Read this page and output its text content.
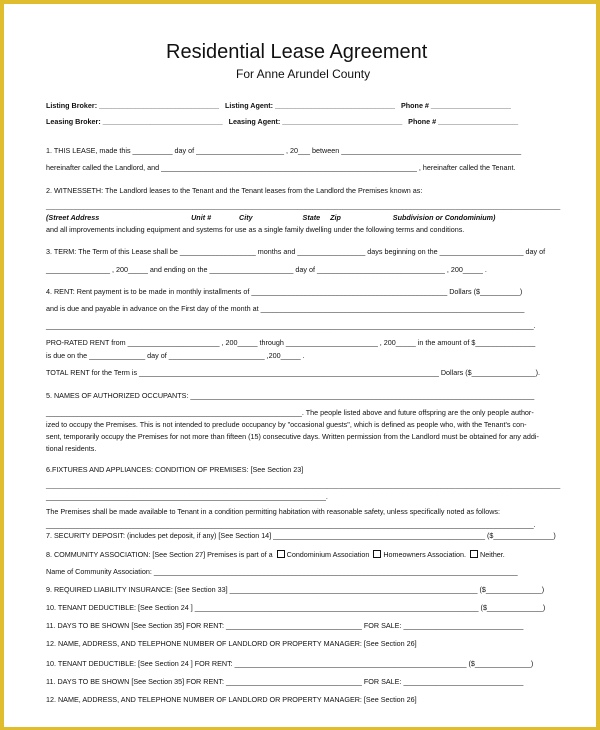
Residential Lease Agreement
For Anne Arundel County
Listing Broker: ______________________________   Listing Agent: ______________________________   Phone # ____________________
Leasing Broker: ______________________________   Leasing Agent: ______________________________   Phone # ____________________
1. THIS LEASE, made this __________ day of ______________________ , 20___ between _____________________________________________
hereinafter called the Landlord, and ________________________________________________________________ , hereinafter called the Tenant.
2. WITNESSETH: The Landlord leases to the Tenant and the Tenant leases from the Landlord the Premises known as:
_________________________________________________________________________________________________________________________________________
(Street Address                                              Unit #              City                         State     Zip                          Subdivision or Condominium)
and all improvements including equipment and systems for use as a single family dwelling under the following terms and conditions.
3. TERM: The Term of this Lease shall be ___________________ months and _________________ days beginning on the _____________________ day of
________________ , 200_____ and ending on the _____________________ day of ________________________________ , 200_____ .
4. RENT: Rent payment is to be made in monthly installments of _________________________________________________ Dollars ($__________)
and is due and payable in advance on the First day of the month at __________________________________________________________________
__________________________________________________________________________________________________________________________.
PRO-RATED RENT from _______________________ , 200_____ through _______________________ , 200_____ in the amount of $_______________
is due on the ______________ day of ________________________ ,200_____ .
TOTAL RENT for the Term is ___________________________________________________________________________ Dollars ($________________).
5. NAMES OF AUTHORIZED OCCUPANTS: ______________________________________________________________________________________
________________________________________________________________. The people listed above and future offspring are the only people author-
ized to occupy the Premises. This is not intended to preclude occupancy by "occasional guests", which is defined as people who, with the Tenant's con-
sent, temporarily occupy the Premises for not more than fifteen (15) consecutive days. Written permission from the Landlord must be obtained for any addi-
tional residents.
6.FIXTURES AND APPLIANCES: CONDITION OF PREMISES: [See Section 23]
_________________________________________________________________________________________________________________________________________
______________________________________________________________________.
The Premises shall be made available to Tenant in a condition permitting habitation with reasonable safety, unless specifically noted as follows:
__________________________________________________________________________________________________________________________.
7. SECURITY DEPOSIT: (includes pet deposit, if any) [See Section 14] _____________________________________________________ ($_______________)
8. COMMUNITY ASSOCIATION: [See Section 27] Premises is part of a Condominium Association Homeowners Association. Neither.
Name of Community Association: ___________________________________________________________________________________________
9. REQUIRED LIABILITY INSURANCE: [See Section 33] ______________________________________________________________ ($______________)
10. TENANT DEDUCTIBLE: [See Section 24 ] _______________________________________________________________________ ($______________)
11. DAYS TO BE SHOWN [See Section 35] FOR RENT: __________________________________ FOR SALE: ______________________________
12. NAME, ADDRESS, AND TELEPHONE NUMBER OF LANDLORD OR PROPERTY MANAGER: [See Section 26]
10. TENANT DEDUCTIBLE: [See Section 24 ] FOR RENT: __________________________________________________________ ($______________)
11. DAYS TO BE SHOWN [See Section 35] FOR RENT: __________________________________ FOR SALE: ______________________________
12. NAME, ADDRESS, AND TELEPHONE NUMBER OF LANDLORD OR PROPERTY MANAGER: [See Section 26]
